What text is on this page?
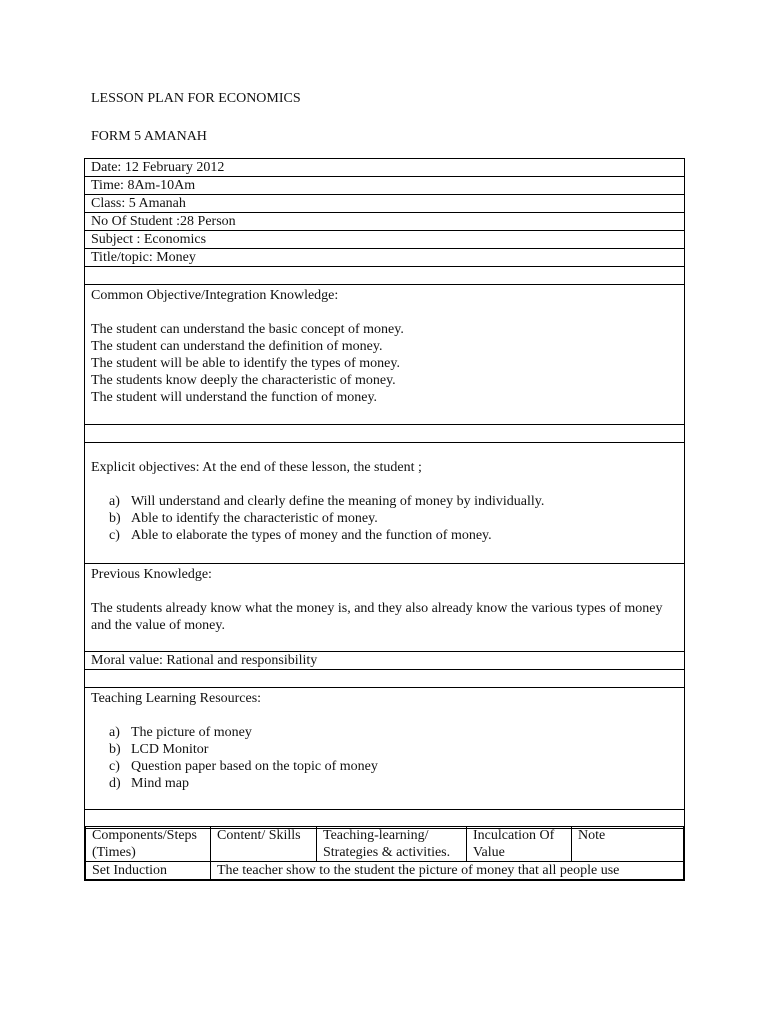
LESSON PLAN FOR ECONOMICS
FORM 5 AMANAH
Date: 12 February 2012
Time: 8Am-10Am
Class: 5 Amanah
No Of Student :28 Person
Subject : Economics
Title/topic: Money

Common Objective/Integration Knowledge:

The student can understand the basic concept of money.

The student can understand the definition of money.

The student will be able to identify the types of money.

The students know deeply the characteristic of money.

The student will understand the function of money.

Explicit objectives: At the end of these lesson, the student ;

a) Will understand and clearly define the meaning of money by individually.
b) Able to identify the characteristic of money.
c) Able to elaborate the types of money and the function of money.

Previous Knowledge:

The students already know what the money is, and they also already know the various types of money and the value of money.

Moral value: Rational and responsibility

Teaching Learning Resources:

a) The picture of money
b) LCD Monitor
c) Question paper based on the topic of money
d) Mind map
Components/Steps (Times)	Content/ Skills	Teaching-learning/ Strategies & activities.	Inculcation Of Value	Note
Set Induction	The teacher show to the student the picture of money that all people use			
